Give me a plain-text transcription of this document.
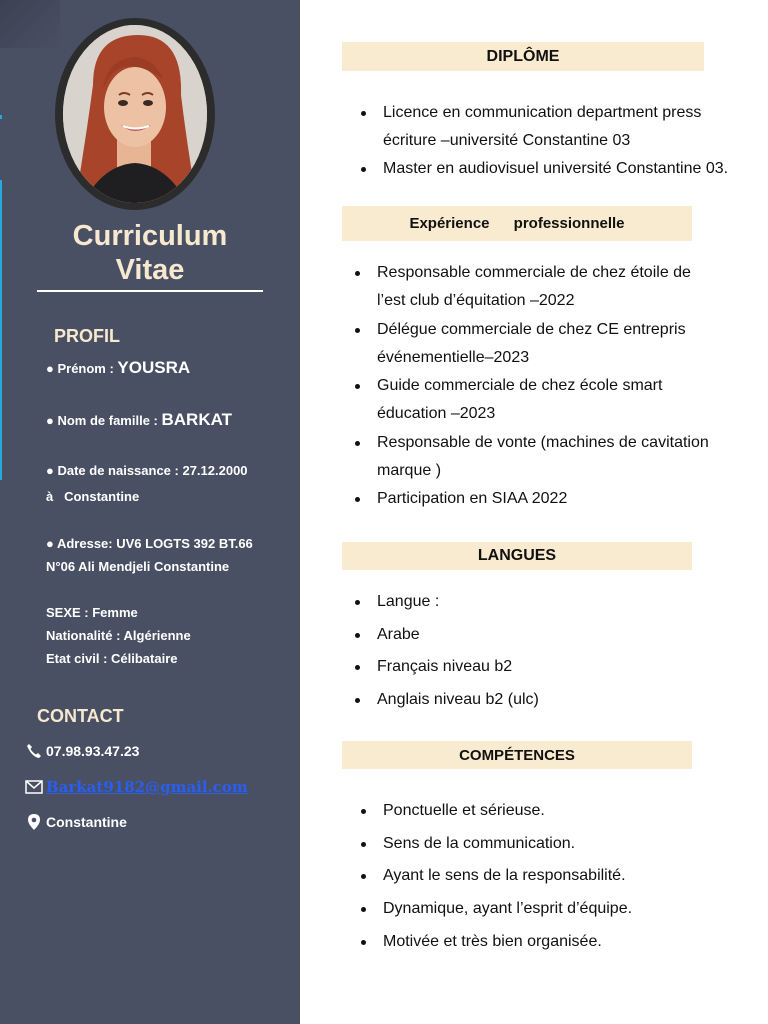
Curriculum
Vitae
PROFIL
● Prénom : YOUSRA
● Nom de famille : BARKAT
● Date de naissance : 27.12.2000
à   Constantine
● Adresse: UV6 LOGTS 392 BT.66
N°06 Ali Mendjeli Constantine
SEXE : Femme
Nationalité : Algérienne
Etat civil : Célibataire
CONTACT
07.98.93.47.23
Barkat9182@gmail.com
Constantine
DIPLÔME
Licence en communication department press
écriture –université Constantine 03
Master en audiovisuel université Constantine 03.
Expérience professionnelle
Responsable commerciale de chez étoile de
l’est club d’équitation –2022
Délégue commerciale de chez CE entrepris
événementielle–2023
Guide commerciale de chez école smart
éducation –2023
Responsable de vonte (machines de cavitation
marque )
Participation en SIAA 2022
LANGUES
Langue :
Arabe
Français niveau b2
Anglais niveau b2 (ulc)
COMPÉTENCES
Ponctuelle et sérieuse.
Sens de la communication.
Ayant le sens de la responsabilité.
Dynamique, ayant l’esprit d’équipe.
Motivée et très bien organisée.
